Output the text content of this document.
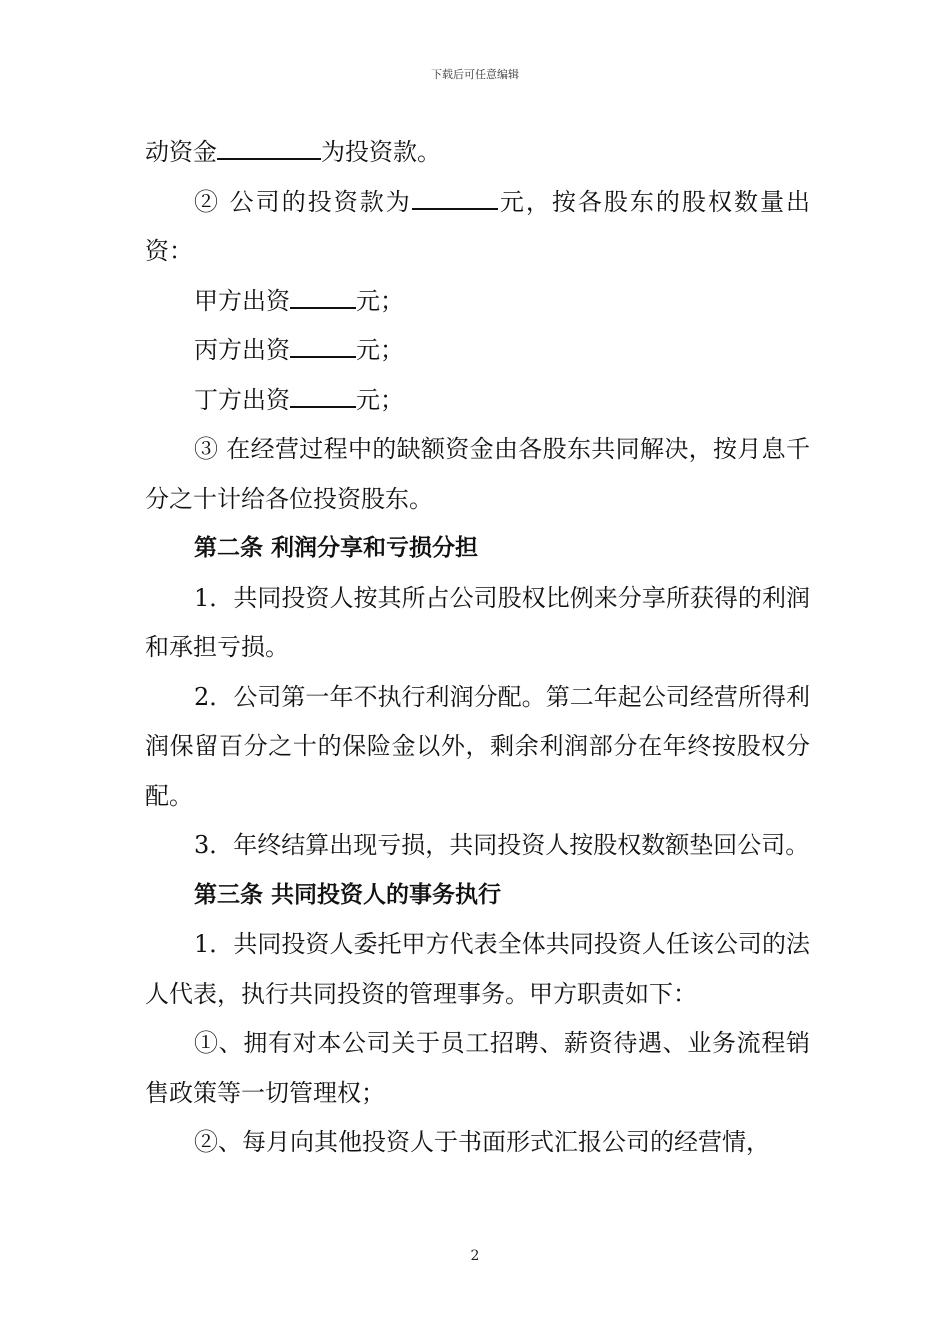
下载后可任意编辑

动资金	为投资款。

② 公司的投资款为	元，按各股东的股权数量出资：

甲方出资	元；

丙方出资	元；

丁方出资	元；

③ 在经营过程中的缺额资金由各股东共同解决，按月息千分之十计给各位投资股东。

第二条 利润分享和亏损分担

1．共同投资人按其所占公司股权比例来分享所获得的利润和承担亏损。

2．公司第一年不执行利润分配。第二年起公司经营所得利润保留百分之十的保险金以外，剩余利润部分在年终按股权分配。

3．年终结算出现亏损，共同投资人按股权数额垫回公司。

第三条 共同投资人的事务执行

1．共同投资人委托甲方代表全体共同投资人任该公司的法人代表，执行共同投资的管理事务。甲方职责如下：

①、拥有对本公司关于员工招聘、薪资待遇、业务流程销售政策等一切管理权；

②、每月向其他投资人于书面形式汇报公司的经营情，

2
